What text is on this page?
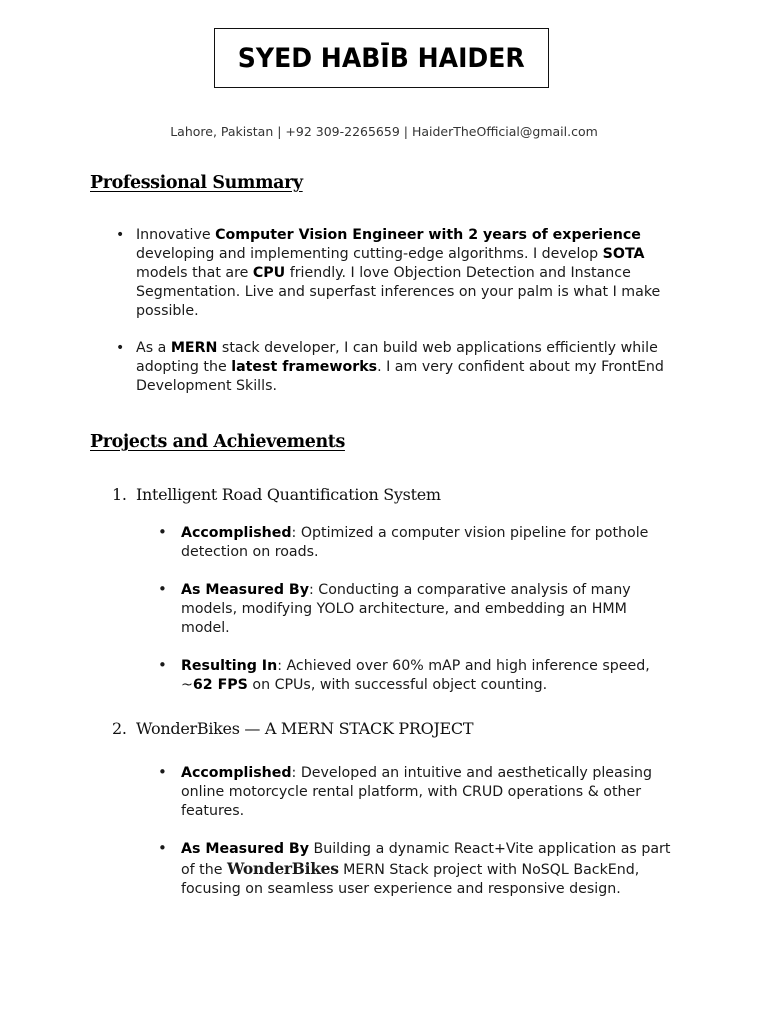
SYED HABĪB HAIDER
Lahore, Pakistan | +92 309-2265659 | HaiderTheOfficial@gmail.com
Professional Summary
• Innovative Computer Vision Engineer with 2 years of experience developing and implementing cutting-edge algorithms. I develop SOTA models that are CPU friendly. I love Objection Detection and Instance Segmentation. Live and superfast inferences on your palm is what I make possible.
• As a MERN stack developer, I can build web applications efficiently while adopting the latest frameworks. I am very confident about my FrontEnd Development Skills.
Projects and Achievements
1. Intelligent Road Quantification System
• Accomplished: Optimized a computer vision pipeline for pothole detection on roads.
• As Measured By: Conducting a comparative analysis of many models, modifying YOLO architecture, and embedding an HMM model.
• Resulting In: Achieved over 60% mAP and high inference speed, ~62 FPS on CPUs, with successful object counting.
2. WonderBikes — A MERN STACK PROJECT
• Accomplished: Developed an intuitive and aesthetically pleasing online motorcycle rental platform, with CRUD operations & other features.
• As Measured By Building a dynamic React+Vite application as part of the WonderBikes MERN Stack project with NoSQL BackEnd, focusing on seamless user experience and responsive design.
